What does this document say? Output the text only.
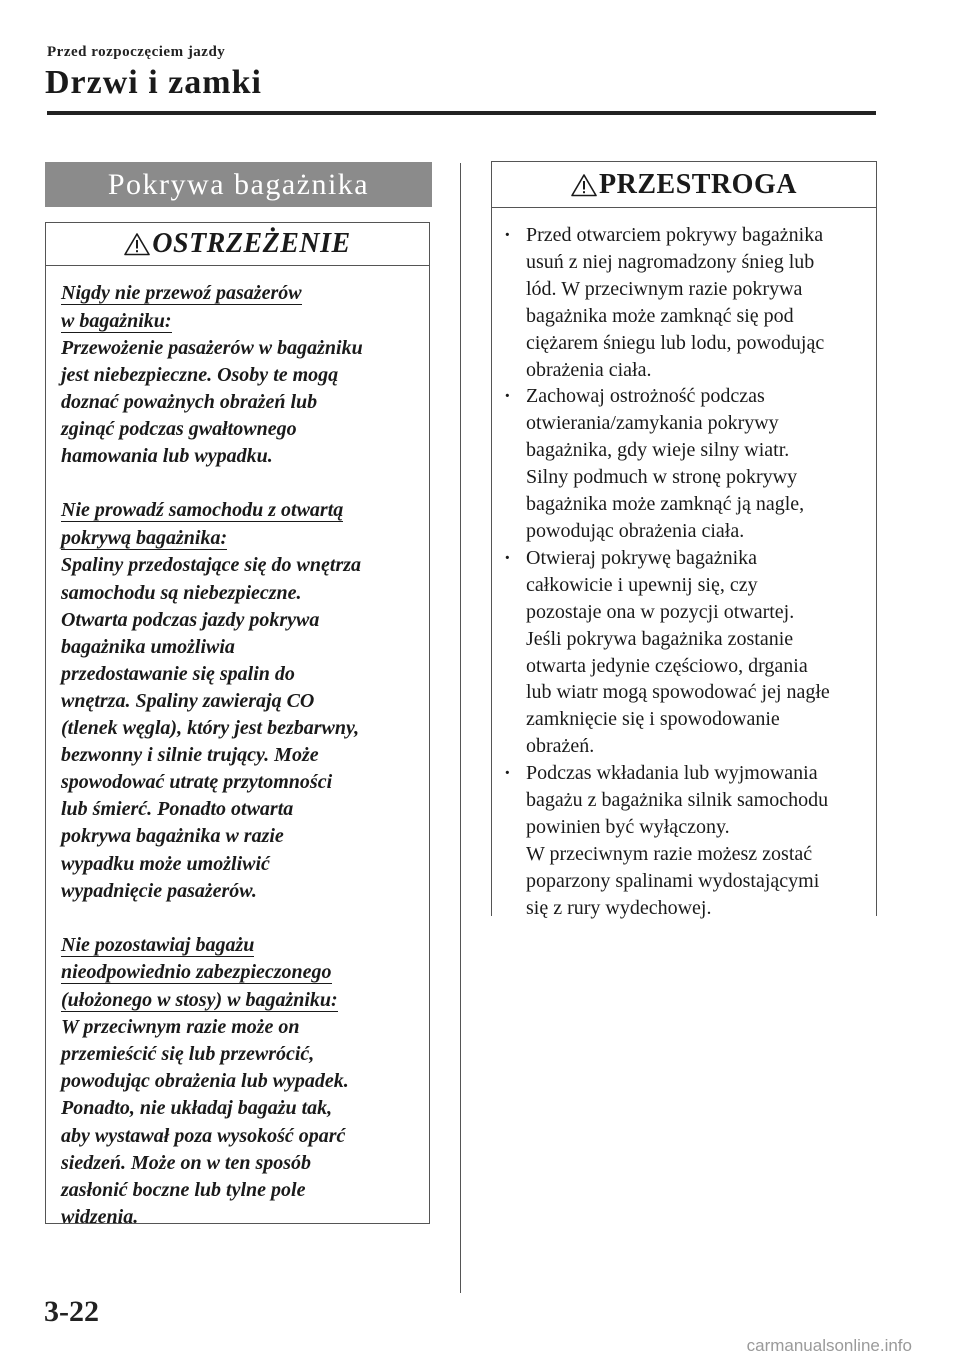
Przed rozpoczęciem jazdy
Drzwi i zamki
Pokrywa bagażnika
OSTRZEŻENIE
Nigdy nie przewoź pasażerów
w bagażniku:
Przewożenie pasażerów w bagażniku
jest niebezpieczne. Osoby te mogą
doznać poważnych obrażeń lub
zginąć podczas gwałtownego
hamowania lub wypadku.
Nie prowadź samochodu z otwartą
pokrywą bagażnika:
Spaliny przedostające się do wnętrza
samochodu są niebezpieczne.
Otwarta podczas jazdy pokrywa
bagażnika umożliwia
przedostawanie się spalin do
wnętrza. Spaliny zawierają CO
(tlenek węgla), który jest bezbarwny,
bezwonny i silnie trujący. Może
spowodować utratę przytomności
lub śmierć. Ponadto otwarta
pokrywa bagażnika w razie
wypadku może umożliwić
wypadnięcie pasażerów.
Nie pozostawiaj bagażu
nieodpowiednio zabezpieczonego
(ułożonego w stosy) w bagażniku:
W przeciwnym razie może on
przemieścić się lub przewrócić,
powodując obrażenia lub wypadek.
Ponadto, nie układaj bagażu tak,
aby wystawał poza wysokość oparć
siedzeń. Może on w ten sposób
zasłonić boczne lub tylne pole
widzenia.
PRZESTROGA
· Przed otwarciem pokrywy bagażnika
usuń z niej nagromadzony śnieg lub
lód. W przeciwnym razie pokrywa
bagażnika może zamknąć się pod
ciężarem śniegu lub lodu, powodując
obrażenia ciała.
· Zachowaj ostrożność podczas
otwierania/zamykania pokrywy
bagażnika, gdy wieje silny wiatr.
Silny podmuch w stronę pokrywy
bagażnika może zamknąć ją nagle,
powodując obrażenia ciała.
· Otwieraj pokrywę bagażnika
całkowicie i upewnij się, czy
pozostaje ona w pozycji otwartej.
Jeśli pokrywa bagażnika zostanie
otwarta jedynie częściowo, drgania
lub wiatr mogą spowodować jej nagłe
zamknięcie się i spowodowanie
obrażeń.
· Podczas wkładania lub wyjmowania
bagażu z bagażnika silnik samochodu
powinien być wyłączony.
W przeciwnym razie możesz zostać
poparzony spalinami wydostającymi
się z rury wydechowej.
3-22
carmanualsonline.info
